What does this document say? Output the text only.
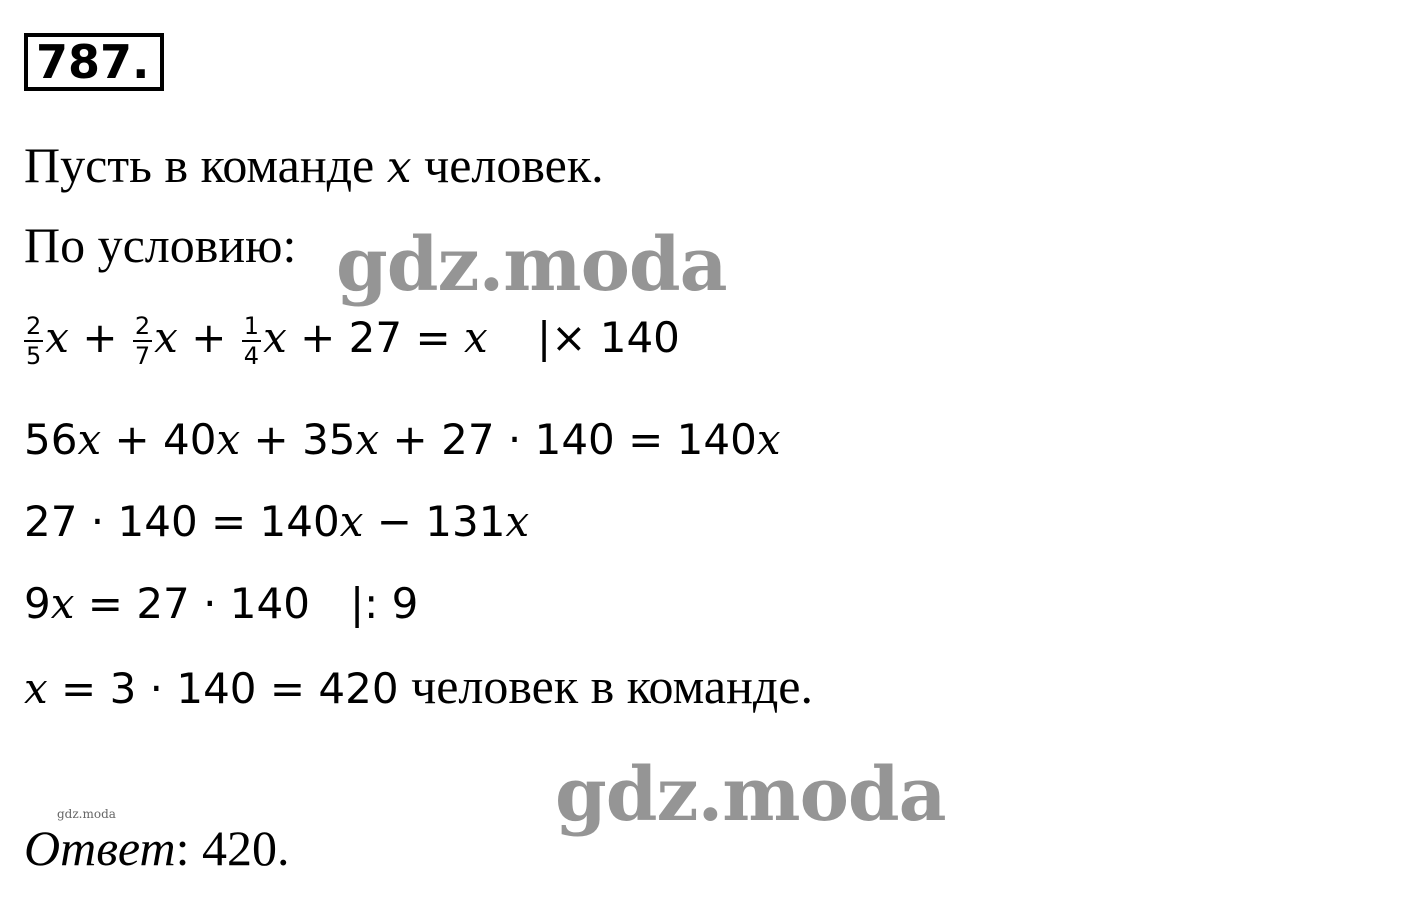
787.
Пусть в команде x человек.
По условию:
$\frac{2}{5}$ $x + \frac{2}{7}$ $x + \frac{1}{4}$ x + 27 = x |× 140
56x + 40x + 35x + 27 · 140 = 140x
27 · 140 = 140x − 131x
9x = 27 · 140   |: 9
x = 3 · 140 = 420 человек в команде.
gdz.moda
gdz.moda
gdz.moda
Ответ: 420.
